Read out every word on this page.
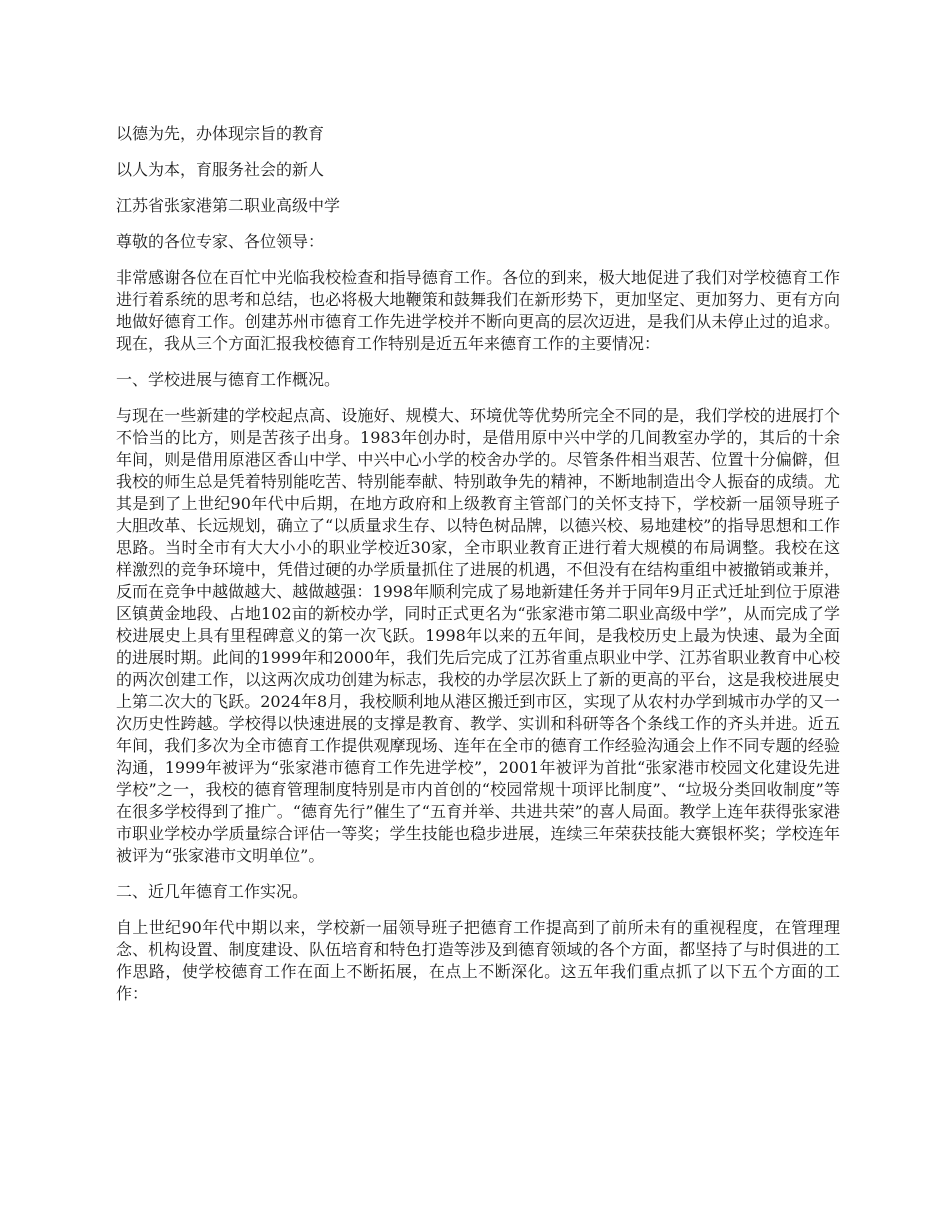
以德为先，办体现宗旨的教育

以人为本，育服务社会的新人

江苏省张家港第二职业高级中学

尊敬的各位专家、各位领导：

非常感谢各位在百忙中光临我校检查和指导德育工作。各位的到来，极大地促进了我们对学校德育工作进行着系统的思考和总结，也必将极大地鞭策和鼓舞我们在新形势下，更加坚定、更加努力、更有方向地做好德育工作。创建苏州市德育工作先进学校并不断向更高的层次迈进，是我们从未停止过的追求。现在，我从三个方面汇报我校德育工作特别是近五年来德育工作的主要情况：

一、学校进展与德育工作概况。

与现在一些新建的学校起点高、设施好、规模大、环境优等优势所完全不同的是，我们学校的进展打个不恰当的比方，则是苦孩子出身。1983年创办时，是借用原中兴中学的几间教室办学的，其后的十余年间，则是借用原港区香山中学、中兴中心小学的校舍办学的。尽管条件相当艰苦、位置十分偏僻，但我校的师生总是凭着特别能吃苦、特别能奉献、特别敢争先的精神，不断地制造出令人振奋的成绩。尤其是到了上世纪90年代中后期，在地方政府和上级教育主管部门的关怀支持下，学校新一届领导班子大胆改革、长远规划，确立了“以质量求生存、以特色树品牌，以德兴校、易地建校”的指导思想和工作思路。当时全市有大大小小的职业学校近30家，全市职业教育正进行着大规模的布局调整。我校在这样激烈的竞争环境中，凭借过硬的办学质量抓住了进展的机遇，不但没有在结构重组中被撤销或兼并，反而在竞争中越做越大、越做越强：1998年顺利完成了易地新建任务并于同年9月正式迁址到位于原港区镇黄金地段、占地102亩的新校办学，同时正式更名为“张家港市第二职业高级中学”，从而完成了学校进展史上具有里程碑意义的第一次飞跃。1998年以来的五年间，是我校历史上最为快速、最为全面的进展时期。此间的1999年和2000年，我们先后完成了江苏省重点职业中学、江苏省职业教育中心校的两次创建工作，以这两次成功创建为标志，我校的办学层次跃上了新的更高的平台，这是我校进展史上第二次大的飞跃。2024年8月，我校顺利地从港区搬迁到市区，实现了从农村办学到城市办学的又一次历史性跨越。学校得以快速进展的支撑是教育、教学、实训和科研等各个条线工作的齐头并进。近五年间，我们多次为全市德育工作提供观摩现场、连年在全市的德育工作经验沟通会上作不同专题的经验沟通，1999年被评为“张家港市德育工作先进学校”，2001年被评为首批“张家港市校园文化建设先进学校”之一，我校的德育管理制度特别是市内首创的“校园常规十项评比制度”、“垃圾分类回收制度”等在很多学校得到了推广。“德育先行”催生了“五育并举、共进共荣”的喜人局面。教学上连年获得张家港市职业学校办学质量综合评估一等奖；学生技能也稳步进展，连续三年荣获技能大赛银杯奖；学校连年被评为“张家港市文明单位”。

二、近几年德育工作实况。

自上世纪90年代中期以来，学校新一届领导班子把德育工作提高到了前所未有的重视程度，在管理理念、机构设置、制度建设、队伍培育和特色打造等涉及到德育领域的各个方面，都坚持了与时俱进的工作思路，使学校德育工作在面上不断拓展，在点上不断深化。这五年我们重点抓了以下五个方面的工作：
